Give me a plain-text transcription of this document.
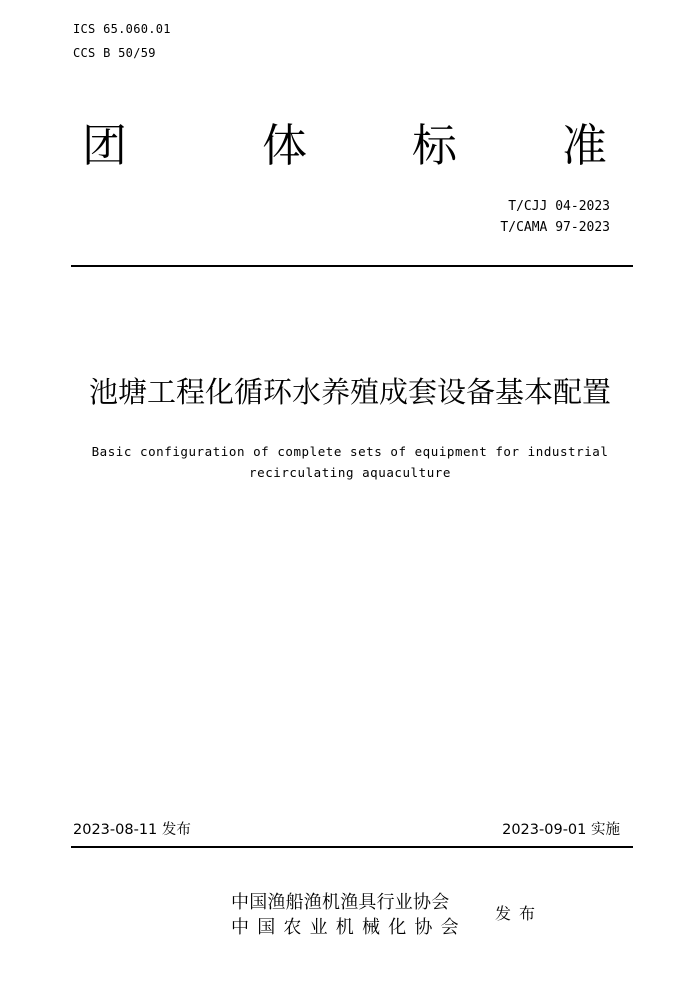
ICS 65.060.01
CCS B 50/59
团	体 标 准
T/CJJ 04-2023
T/CAMA 97-2023
池塘工程化循环水养殖成套设备基本配置
Basic configuration of complete sets of equipment for industrial
recirculating aquaculture
2023-08-11 发布	2023-09-01 实施
中国渔船渔机渔具行业协会
中国农业机械化协会
发布
